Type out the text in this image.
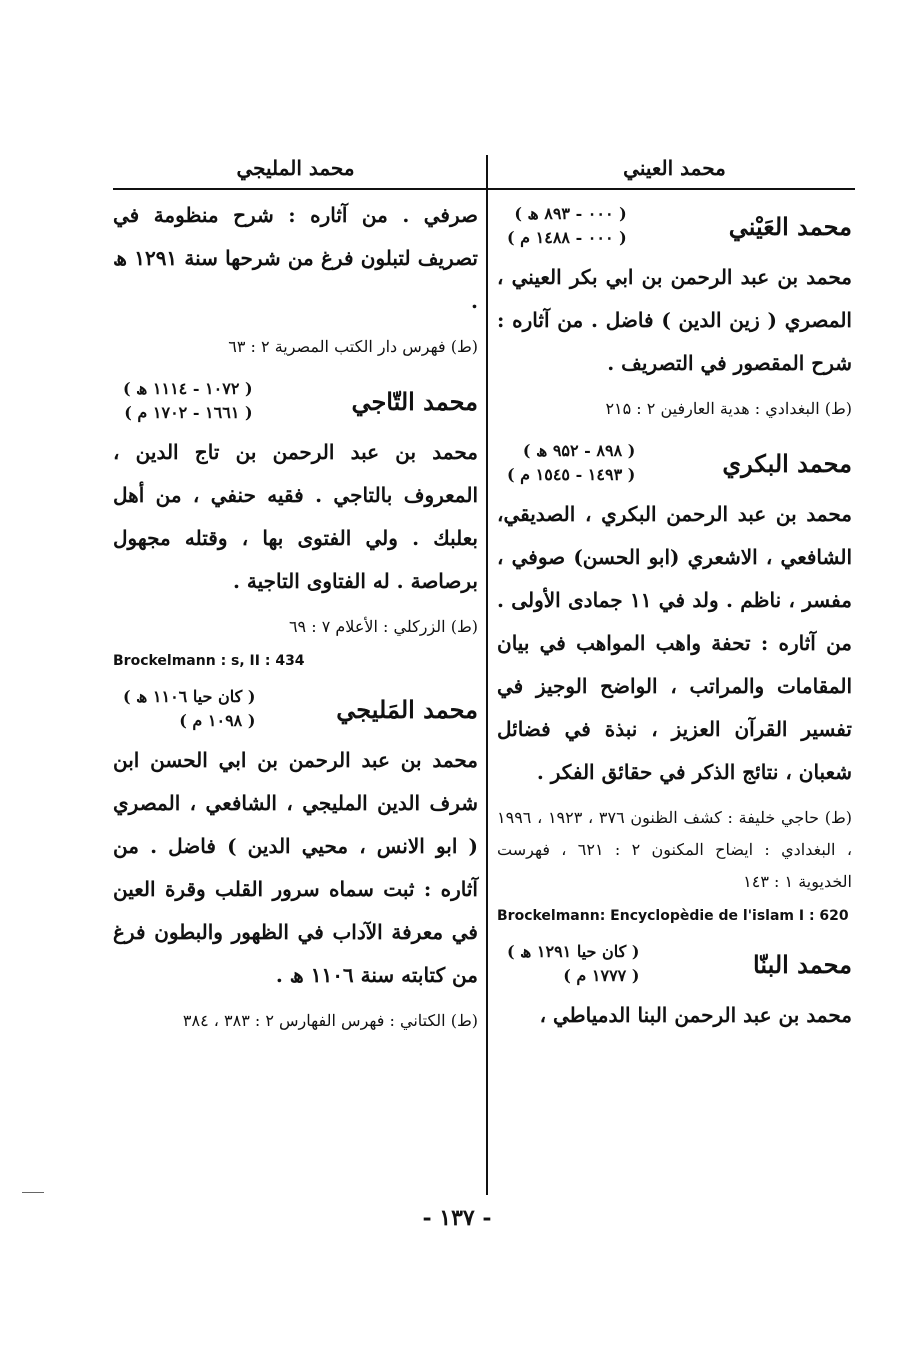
محمد العيني
محمد العَيْني
( ۰۰۰ - ۸۹۳ ھ )
( ۰۰۰ - ۱٤۸۸ م )
محمد بن عبد الرحمن بن ابي بكر العيني ، المصري ( زين الدين ) فاضل . من آثاره : شرح المقصور في التصريف .
(ط) البغدادي : هدية العارفين ۲ : ۲۱۵
محمد البكري
( ۸۹۸ - ۹۵۲ ھ )
( ۱٤۹۳ - ۱٥٤٥ م )
محمد بن عبد الرحمن البكري ، الصديقي، الشافعي ، الاشعري (ابو الحسن) صوفي ، مفسر ، ناظم . ولد في ۱۱ جمادى الأولى . من آثاره : تحفة واهب المواهب في بيان المقامات والمراتب ، الواضح الوجيز في تفسير القرآن العزيز ، نبذة في فضائل شعبان ، نتائج الذكر في حقائق الفكر .
(ط) حاجي خليفة : كشف الظنون ۳۷٦ ، ۱۹۲۳ ، ۱۹۹٦ ، البغدادي : ايضاح المكنون ۲ : ٦۲۱ ، فهرست الخديوية ۱ : ۱٤۳
Brockelmann: Encyclopèdie de l'islam I : 620
محمد البنّا
( كان حيا ۱۲۹۱ ھ )
( ۱۷۷۷ م )
محمد بن عبد الرحمن البنا الدمياطي ،
محمد المليجي
صرفي . من آثاره : شرح منظومة في تصريف لتبلون فرغ من شرحها سنة ۱۲۹۱ ھ .
(ط) فهرس دار الكتب المصرية ۲ : ٦۳
محمد التّاجي
( ۱۰۷۲ - ۱۱۱٤ ھ )
( ۱٦٦۱ - ۱۷۰۲ م )
محمد بن عبد الرحمن بن تاج الدين ، المعروف بالتاجي . فقيه حنفي ، من أهل بعلبك . ولي الفتوى بها ، وقتله مجهول برصاصة . له الفتاوى التاجية .
(ط) الزركلي : الأعلام ۷ : ٦۹
Brockelmann : s, II : 434
محمد المَليجي
( كان حيا ۱۱۰٦ ھ )
( ۱۰۹۸ م )
محمد بن عبد الرحمن بن ابي الحسن ابن شرف الدين المليجي ، الشافعي ، المصري ( ابو الانس ، محيي الدين ) فاضل . من آثاره : ثبت سماه سرور القلب وقرة العين في معرفة الآداب في الظهور والبطون فرغ من كتابته سنة ۱۱۰٦ ھ .
(ط) الكتاني : فهرس الفهارس ۲ : ۳۸۳ ، ۳۸٤
- ۱۳۷ -
